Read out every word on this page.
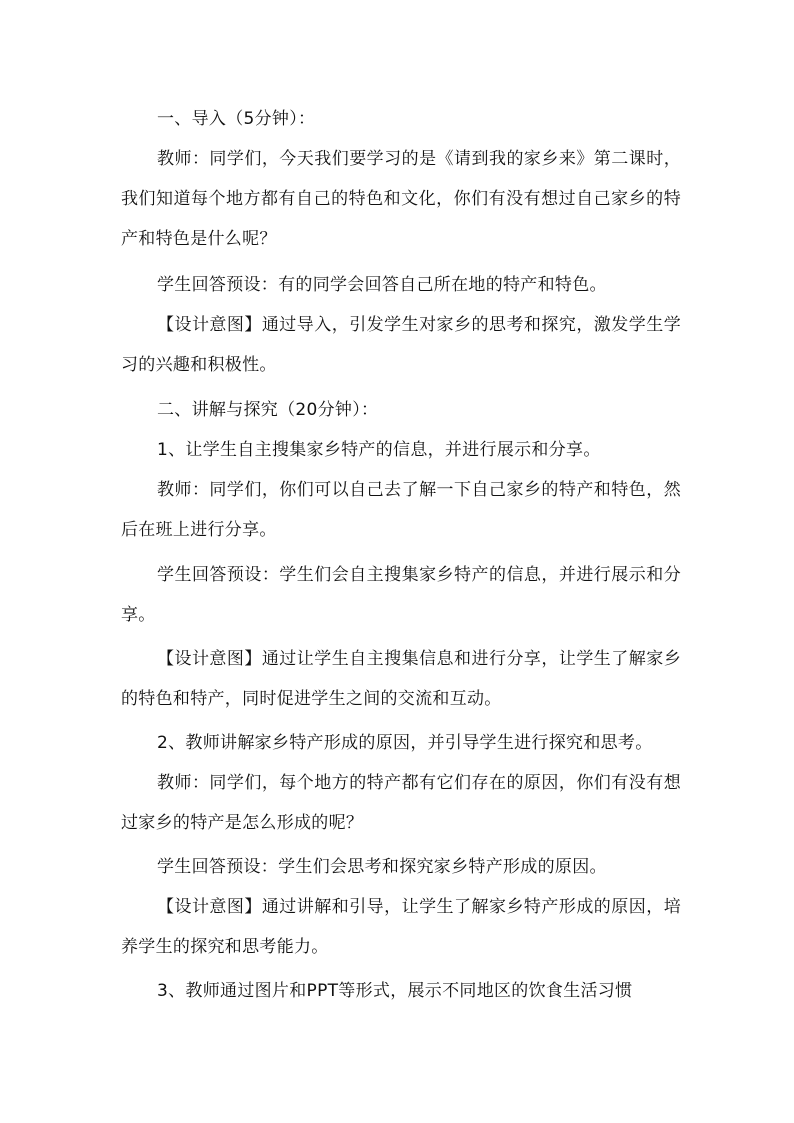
一、导入（5分钟）：

教师：同学们，今天我们要学习的是《请到我的家乡来》第二课时，我们知道每个地方都有自己的特色和文化，你们有没有想过自己家乡的特产和特色是什么呢？

学生回答预设：有的同学会回答自己所在地的特产和特色。

【设计意图】通过导入，引发学生对家乡的思考和探究，激发学生学习的兴趣和积极性。

二、讲解与探究（20分钟）：

1、让学生自主搜集家乡特产的信息，并进行展示和分享。

教师：同学们，你们可以自己去了解一下自己家乡的特产和特色，然后在班上进行分享。

学生回答预设：学生们会自主搜集家乡特产的信息，并进行展示和分享。

【设计意图】通过让学生自主搜集信息和进行分享，让学生了解家乡的特色和特产，同时促进学生之间的交流和互动。

2、教师讲解家乡特产形成的原因，并引导学生进行探究和思考。

教师：同学们，每个地方的特产都有它们存在的原因，你们有没有想过家乡的特产是怎么形成的呢？

学生回答预设：学生们会思考和探究家乡特产形成的原因。

【设计意图】通过讲解和引导，让学生了解家乡特产形成的原因，培养学生的探究和思考能力。

3、教师通过图片和PPT等形式，展示不同地区的饮食生活习惯
